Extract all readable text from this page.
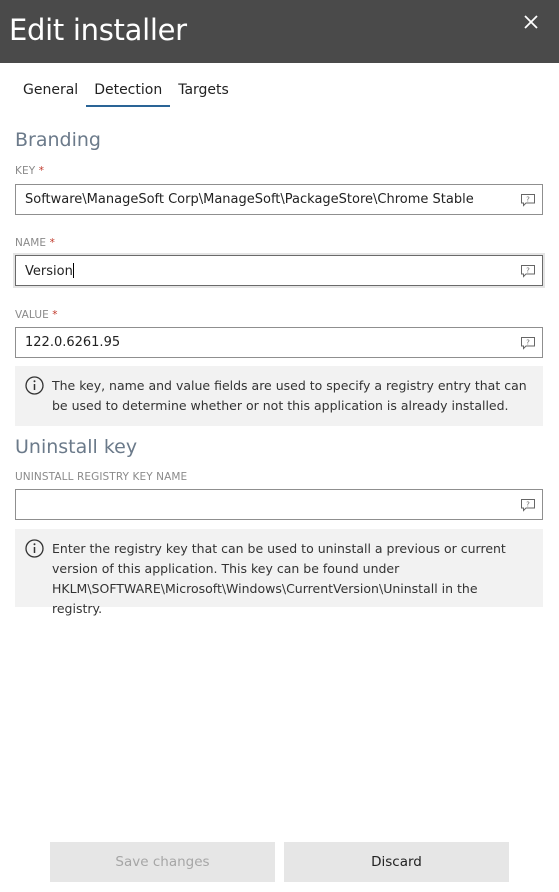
Edit installer
General	Detection	Targets
Branding
KEY *
Software\ManageSoft Corp\ManageSoft\PackageStore\Chrome Stable	?
NAME *
Version	?
VALUE *
122.0.6261.95	?
The key, name and value fields are used to specify a registry entry that can be used to determine whether or not this application is already installed.
Uninstall key
UNINSTALL REGISTRY KEY NAME
?
Enter the registry key that can be used to uninstall a previous or current version of this application. This key can be found under HKLM\SOFTWARE\Microsoft\Windows\CurrentVersion\Uninstall in the registry.
Save changes	Discard
